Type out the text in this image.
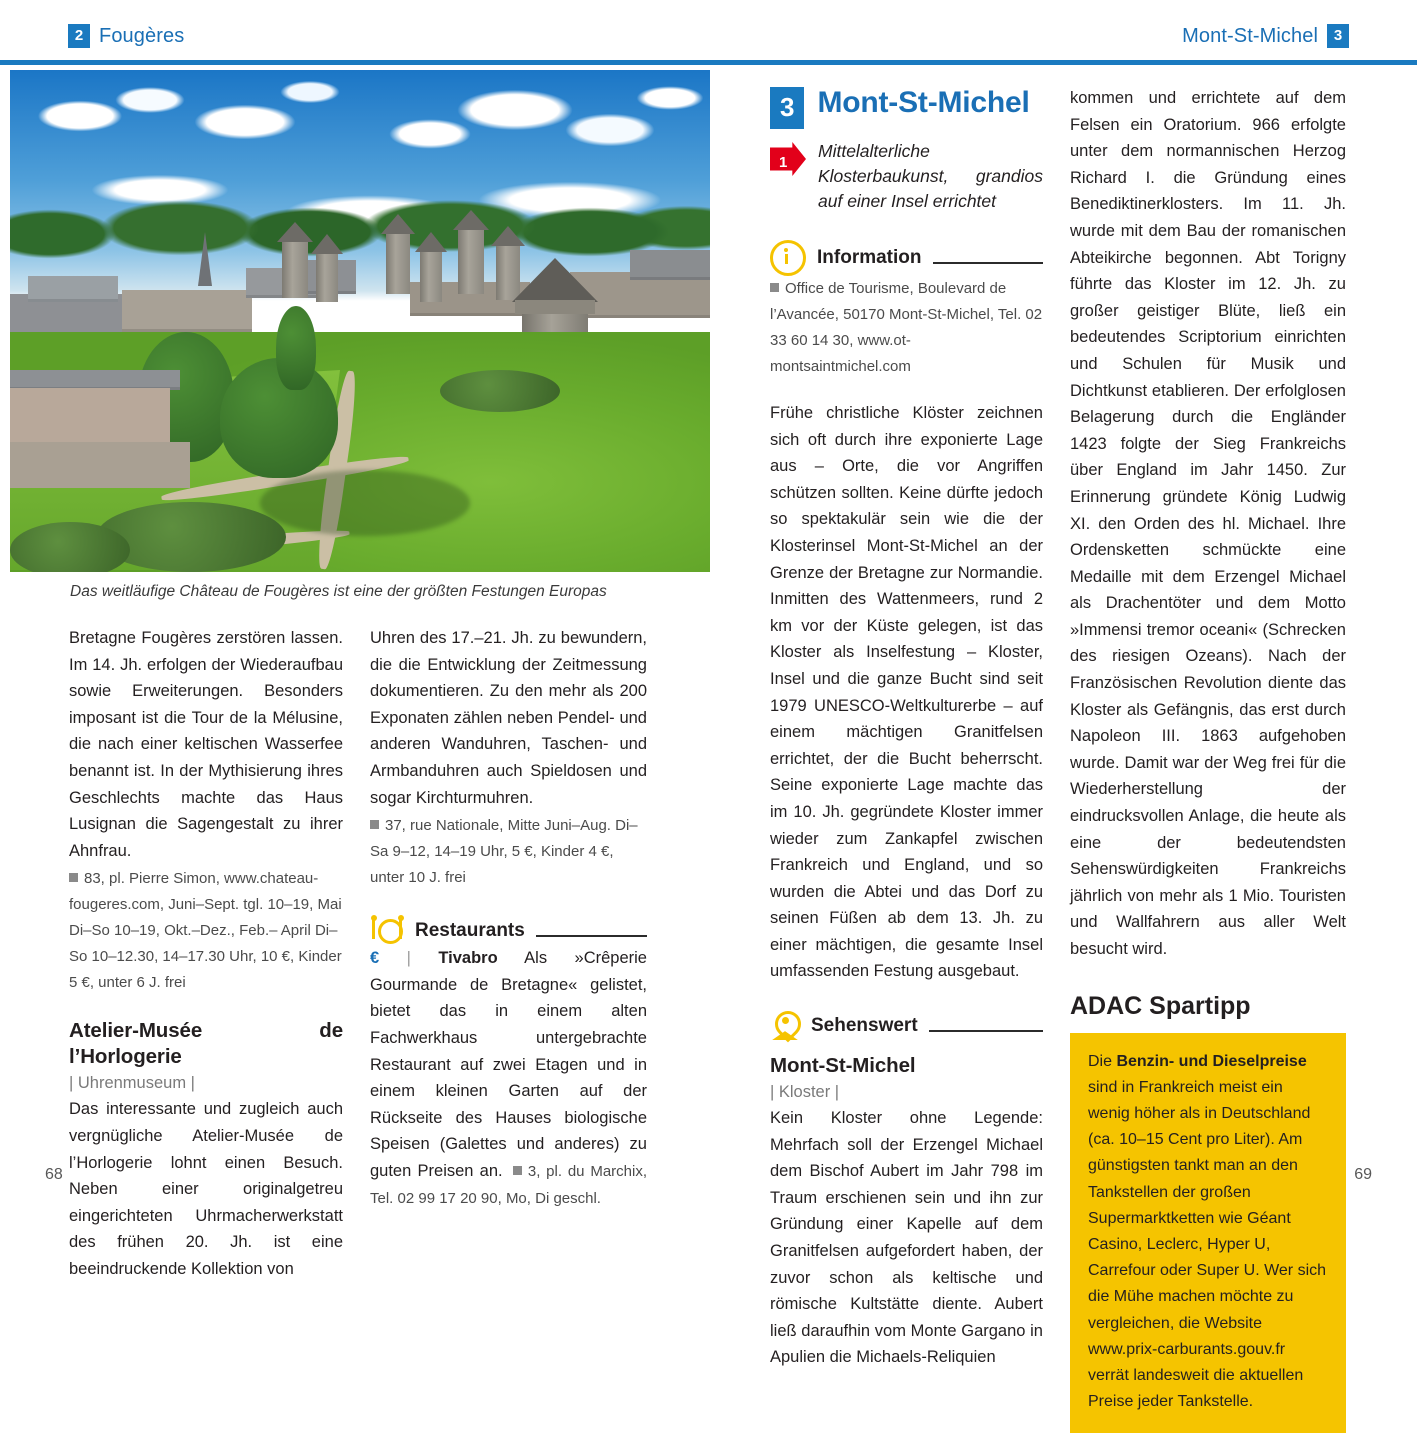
2 Fougères	Mont-St-Michel	3
Das weitläufige Château de Fougères ist eine der größten Festungen Europas

Bretagne Fougères zerstören lassen. Im 14. Jh. erfolgen der Wiederaufbau sowie Erweiterungen. Besonders imposant ist die Tour de la Mélusine, die nach einer keltischen Wasserfee benannt ist. In der Mythisierung ihres Geschlechts machte das Haus Lusignan die Sagengestalt zu ihrer Ahnfrau.

83, pl. Pierre Simon, www.chateau-fougeres.com, Juni–Sept. tgl. 10–19, Mai Di–So 10–19, Okt.–Dez., Feb.– April Di–So 10–12.30, 14–17.30 Uhr, 10 €, Kinder 5 €, unter 6 J. frei

Atelier-Musée de l’Horlogerie

| Uhrenmuseum |

Das interessante und zugleich auch vergnügliche Atelier-Musée de l’Horlogerie lohnt einen Besuch. Neben einer originalgetreu eingerichteten Uhrmacherwerkstatt des frühen 20. Jh. ist eine beeindruckende Kollektion von

Uhren des 17.–21. Jh. zu bewundern, die die Entwicklung der Zeitmessung dokumentieren. Zu den mehr als 200 Exponaten zählen neben Pendel- und anderen Wanduhren, Taschen- und Armbanduhren auch Spieldosen und sogar Kirchturmuhren.

37, rue Nationale, Mitte Juni–Aug. Di–Sa 9–12, 14–19 Uhr, 5 €, Kinder 4 €, unter 10 J. frei

Restaurants

€ | Tivabro Als »Crêperie Gourmande de Bretagne« gelistet, bietet das in einem alten Fachwerkhaus untergebrachte Restaurant auf zwei Etagen und in einem kleinen Garten auf der Rückseite des Hauses biologische Speisen (Galettes und anderes) zu guten Preisen an. 3, pl. du Marchix, Tel. 02 99 17 20 90, Mo, Di geschl.

3 Mont-St-Michel
1
Mittelalterliche Klosterbaukunst, grandios auf einer Insel errichtet
Information

Office de Tourisme, Boulevard de l’Avancée, 50170 Mont-St-Michel, Tel. 02 33 60 14 30, www.ot-montsaintmichel.com

Frühe christliche Klöster zeichnen sich oft durch ihre exponierte Lage aus – Orte, die vor Angriffen schützen sollten. Keine dürfte jedoch so spektakulär sein wie die der Klosterinsel Mont-St-Michel an der Grenze der Bretagne zur Normandie. Inmitten des Wattenmeers, rund 2 km vor der Küste gelegen, ist das Kloster als Inselfestung – Kloster, Insel und die ganze Bucht sind seit 1979 UNESCO-Weltkulturerbe – auf einem mächtigen Granitfelsen errichtet, der die Bucht beherrscht. Seine exponierte Lage machte das im 10. Jh. gegründete Kloster immer wieder zum Zankapfel zwischen Frankreich und England, und so wurden die Abtei und das Dorf zu seinen Füßen ab dem 13. Jh. zu einer mächtigen, die gesamte Insel umfassenden Festung ausgebaut.

Sehenswert
Mont-St-Michel

| Kloster |

Kein Kloster ohne Legende: Mehrfach soll der Erzengel Michael dem Bischof Aubert im Jahr 798 im Traum erschienen sein und ihn zur Gründung einer Kapelle auf dem Granitfelsen aufgefordert haben, der zuvor schon als keltische und römische Kultstätte diente. Aubert ließ daraufhin vom Monte Gargano in Apulien die Michaels-Reliquien

kommen und errichtete auf dem Felsen ein Oratorium. 966 erfolgte unter dem normannischen Herzog Richard I. die Gründung eines Benediktinerklosters. Im 11. Jh. wurde mit dem Bau der romanischen Abteikirche begonnen. Abt Torigny führte das Kloster im 12. Jh. zu großer geistiger Blüte, ließ ein bedeutendes Scriptorium einrichten und Schulen für Musik und Dichtkunst etablieren. Der erfolglosen Belagerung durch die Engländer 1423 folgte der Sieg Frankreichs über England im Jahr 1450. Zur Erinnerung gründete König Ludwig XI. den Orden des hl. Michael. Ihre Ordensketten schmückte eine Medaille mit dem Erzengel Michael als Drachentöter und dem Motto »Immensi tremor oceani« (Schrecken des riesigen Ozeans). Nach der Französischen Revolution diente das Kloster als Gefängnis, das erst durch Napoleon III. 1863 aufgehoben wurde. Damit war der Weg frei für die Wiederherstellung der eindrucksvollen Anlage, die heute als eine der bedeutendsten Sehenswürdigkeiten Frankreichs jährlich von mehr als 1 Mio. Touristen und Wallfahrern aus aller Welt besucht wird.

ADAC Spartipp
Die Benzin- und Dieselpreise sind in Frankreich meist ein wenig höher als in Deutschland (ca. 10–15 Cent pro Liter). Am günstigsten tankt man an den Tankstellen der großen Supermarktketten wie Géant Casino, Leclerc, Hyper U, Carrefour oder Super U. Wer sich die Mühe machen möchte zu vergleichen, die Website www.prix-carburants.gouv.fr verrät landesweit die aktuellen Preise jeder Tankstelle.
68	69
